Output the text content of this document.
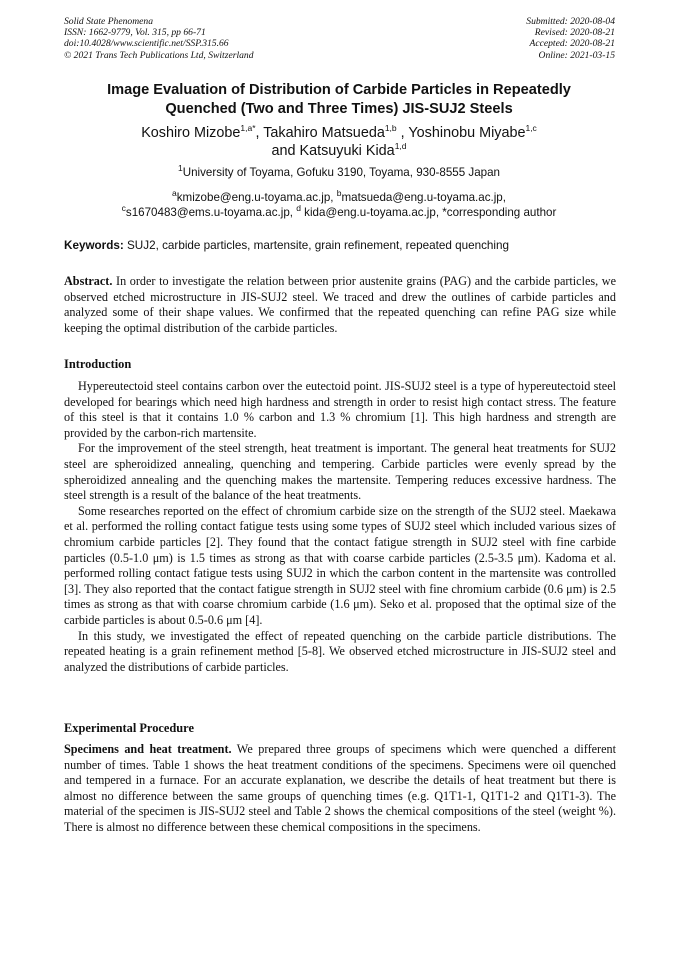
Solid State Phenomena
ISSN: 1662-9779, Vol. 315, pp 66-71
doi:10.4028/www.scientific.net/SSP.315.66
© 2021 Trans Tech Publications Ltd, Switzerland
Submitted: 2020-08-04
Revised: 2020-08-21
Accepted: 2020-08-21
Online: 2021-03-15
Image Evaluation of Distribution of Carbide Particles in Repeatedly
Quenched (Two and Three Times) JIS-SUJ2 Steels
Koshiro Mizobe$^{1,a*}$, Takahiro Matsueda$^{1,b}$ , Yoshinobu Miyabe$^{1,c}$
and Katsuyuki Kida$^{1,d}$
$^1$University of Toyama, Gofuku 3190, Toyama, 930-8555 Japan
$^a$kmizobe@eng.u-toyama.ac.jp, $^b$matsueda@eng.u-toyama.ac.jp,
$^c$s1670483@ems.u-toyama.ac.jp, $^d$ kida@eng.u-toyama.ac.jp, *corresponding author
Keywords: SUJ2, carbide particles, martensite, grain refinement, repeated quenching

Abstract. In order to investigate the relation between prior austenite grains (PAG) and the carbide particles, we observed etched microstructure in JIS-SUJ2 steel. We traced and drew the outlines of carbide particles and analyzed some of their shape values. We confirmed that the repeated quenching can refine PAG size while keeping the optimal distribution of the carbide particles.

Introduction

Hypereutectoid steel contains carbon over the eutectoid point. JIS-SUJ2 steel is a type of hypereutectoid steel developed for bearings which need high hardness and strength in order to resist high contact stress. The feature of this steel is that it contains 1.0 % carbon and 1.3 % chromium [1]. This high hardness and strength are provided by the carbon-rich martensite.

For the improvement of the steel strength, heat treatment is important. The general heat treatments for SUJ2 steel are spheroidized annealing, quenching and tempering. Carbide particles were evenly spread by the spheroidized annealing and the quenching makes the martensite. Tempering reduces excessive hardness. The steel strength is a result of the balance of the heat treatments.

Some researches reported on the effect of chromium carbide size on the strength of the SUJ2 steel. Maekawa et al. performed the rolling contact fatigue tests using some types of SUJ2 steel which included various sizes of chromium carbide particles [2]. They found that the contact fatigue strength in SUJ2 steel with fine carbide particles (0.5-1.0 μm) is 1.5 times as strong as that with coarse carbide particles (2.5-3.5 μm). Kadoma et al. performed rolling contact fatigue tests using SUJ2 in which the carbon content in the martensite was controlled [3]. They also reported that the contact fatigue strength in SUJ2 steel with fine chromium carbide (0.6 μm) is 2.5 times as strong as that with coarse chromium carbide (1.6 μm). Seko et al. proposed that the optimal size of the carbide particles is about 0.5-0.6 μm [4].

In this study, we investigated the effect of repeated quenching on the carbide particle distributions. The repeated heating is a grain refinement method [5-8]. We observed etched microstructure in JIS-SUJ2 steel and analyzed the distributions of carbide particles.

Experimental Procedure

Specimens and heat treatment. We prepared three groups of specimens which were quenched a different number of times. Table 1 shows the heat treatment conditions of the specimens. Specimens were oil quenched and tempered in a furnace. For an accurate explanation, we describe the details of heat treatment but there is almost no difference between the same groups of quenching times (e.g. Q1T1-1, Q1T1-2 and Q1T1-3). The material of the specimen is JIS-SUJ2 steel and Table 2 shows the chemical compositions of the steel (weight %). There is almost no difference between these chemical compositions in the specimens.
